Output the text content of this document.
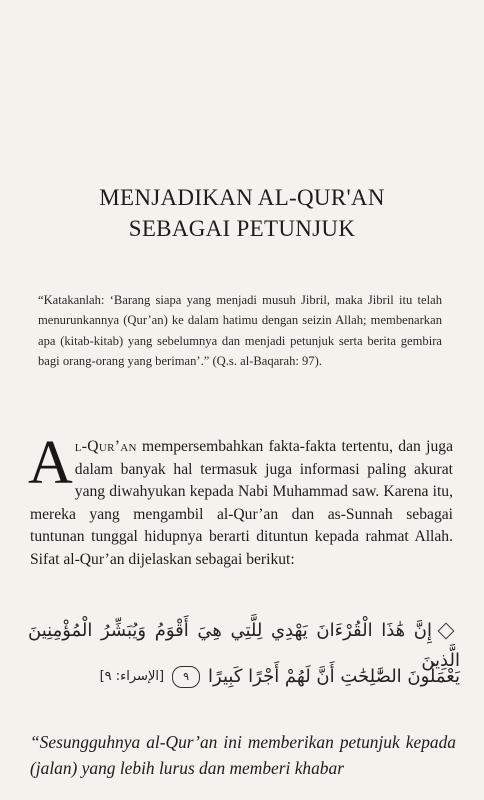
MENJADIKAN AL-QUR'AN
SEBAGAI PETUNJUK
“Katakanlah: ‘Barang siapa yang menjadi musuh Jibril, maka Jibril itu telah menurunkannya (Qur’an) ke dalam hatimu dengan seizin Allah; membenarkan apa (kitab-kitab) yang sebelumnya dan menjadi petunjuk serta berita gembira bagi orang-orang yang beriman’.” (Q.s. al-Baqarah: 97).
Al-Qur’an mempersembahkan fakta-fakta tertentu, dan juga dalam banyak hal termasuk juga informasi paling akurat yang diwahyukan kepada Nabi Muhammad saw. Karena itu, mereka yang mengambil al-Qur’an dan as-Sunnah sebagai tuntunan tunggal hidupnya berarti dituntun kepada rahmat Allah. Sifat al-Qur’an dijelaskan sebagai berikut:
إِنَّ هَٰذَا الْقُرْءَانَ يَهْدِي لِلَّتِي هِيَ أَقْوَمُ وَيُبَشِّرُ الْمُؤْمِنِينَ الَّذِينَ
يَعْمَلُونَ الصَّٰلِحَٰتِ أَنَّ لَهُمْ أَجْرًا كَبِيرًا
٩
[الإسراء: ٩]
“Sesungguhnya al-Qur’an ini memberikan petunjuk kepada (jalan) yang lebih lurus dan memberi khabar
